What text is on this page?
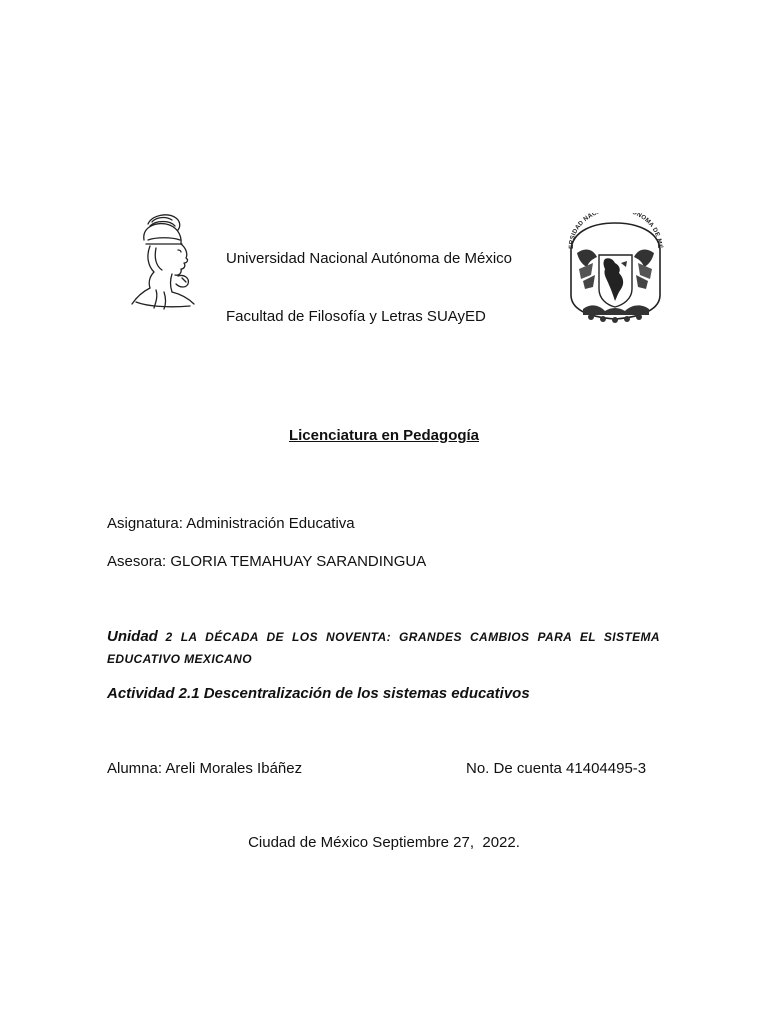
ERSIDAD NAC NOMA DE MÉ
Universidad Nacional Autónoma de México
Facultad de Filosofía y Letras SUAyED
Licenciatura en Pedagogía
Asignatura: Administración Educativa
Asesora: GLORIA TEMAHUAY SARANDINGUA
Unidad 2 LA DÉCADA DE LOS NOVENTA: GRANDES CAMBIOS PARA EL SISTEMA EDUCATIVO MEXICANO
Actividad 2.1 Descentralización de los sistemas educativos
Alumna: Areli Morales Ibáñez	No. De cuenta 41404495-3
Ciudad de México Septiembre 27,  2022.
